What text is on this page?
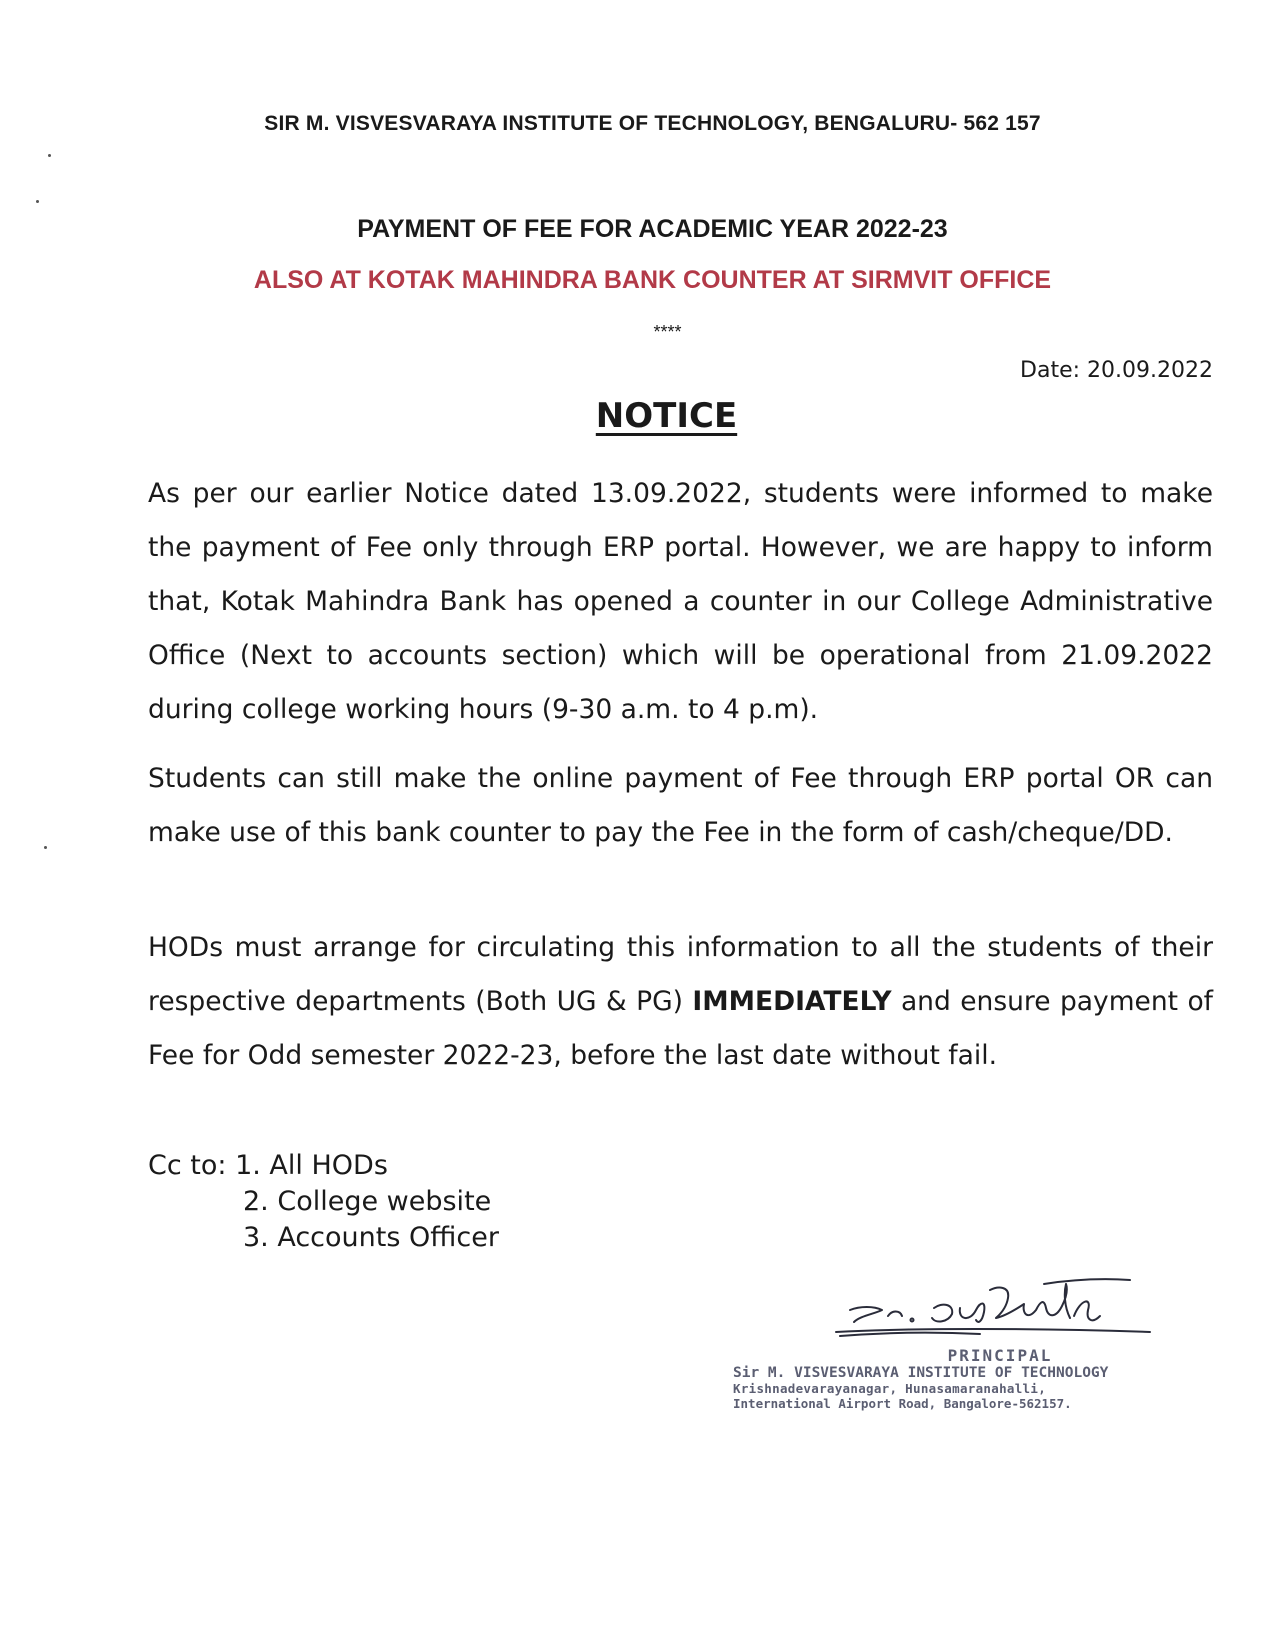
SIR M. VISVESVARAYA INSTITUTE OF TECHNOLOGY, BENGALURU- 562 157
PAYMENT OF FEE FOR ACADEMIC YEAR 2022-23
ALSO AT KOTAK MAHINDRA BANK COUNTER AT SIRMVIT OFFICE
****
Date: 20.09.2022
NOTICE

As per our earlier Notice dated 13.09.2022, students were informed to make the payment of Fee only through ERP portal. However, we are happy to inform that, Kotak Mahindra Bank has opened a counter in our College Administrative Office (Next to accounts section) which will be operational from 21.09.2022 during college working hours (9-30 a.m. to 4 p.m).

Students can still make the online payment of Fee through ERP portal OR can make use of this bank counter to pay the Fee in the form of cash/cheque/DD.

HODs must arrange for circulating this information to all the students of their respective departments (Both UG & PG) IMMEDIATELY and ensure payment of Fee for Odd semester 2022-23, before the last date without fail.

Cc to: 1. All HODs
2. College website
3. Accounts Officer
PRINCIPAL
Sir M. VISVESVARAYA INSTITUTE OF TECHNOLOGY
Krishnadevarayanagar, Hunasamaranahalli,
International Airport Road, Bangalore-562157.
